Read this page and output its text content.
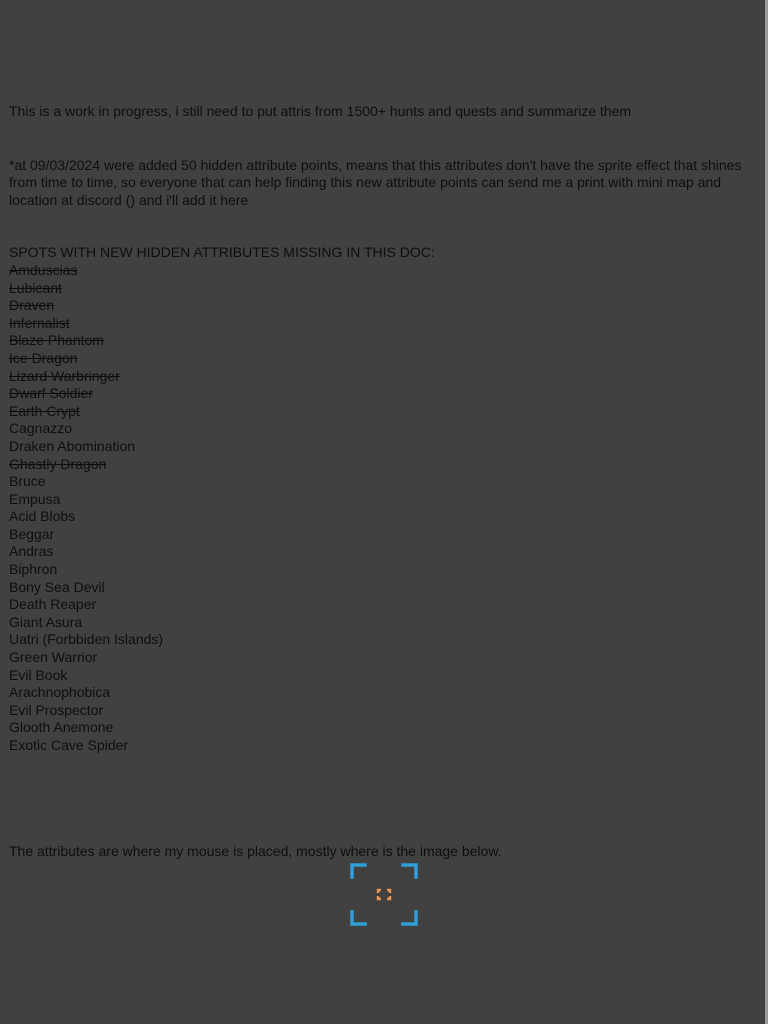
This is a work in progress, i still need to put attris from 1500+ hunts and quests and summarize them

*at 09/03/2024 were added 50 hidden attribute points, means that this attributes don't have the sprite effect that shines from time to time, so everyone that can help finding this new attribute points can send me a print with mini map and location at discord () and i'll add it here

SPOTS WITH NEW HIDDEN ATTRIBUTES MISSING IN THIS DOC:

Amduscias
Lubicant
Draven
Infernalist
Blaze Phantom
Ice Dragon
Lizard Warbringer
Dwarf Soldier
Earth Crypt
Cagnazzo
Draken Abomination
Ghastly Dragon
Bruce
Empusa
Acid Blobs
Beggar
Andras
Biphron
Bony Sea Devil
Death Reaper
Giant Asura
Uatri (Forbbiden Islands)
Green Warrior
Evil Book
Arachnophobica
Evil Prospector
Glooth Anemone
Exotic Cave Spider

The attributes are where my mouse is placed, mostly where is the image below.
